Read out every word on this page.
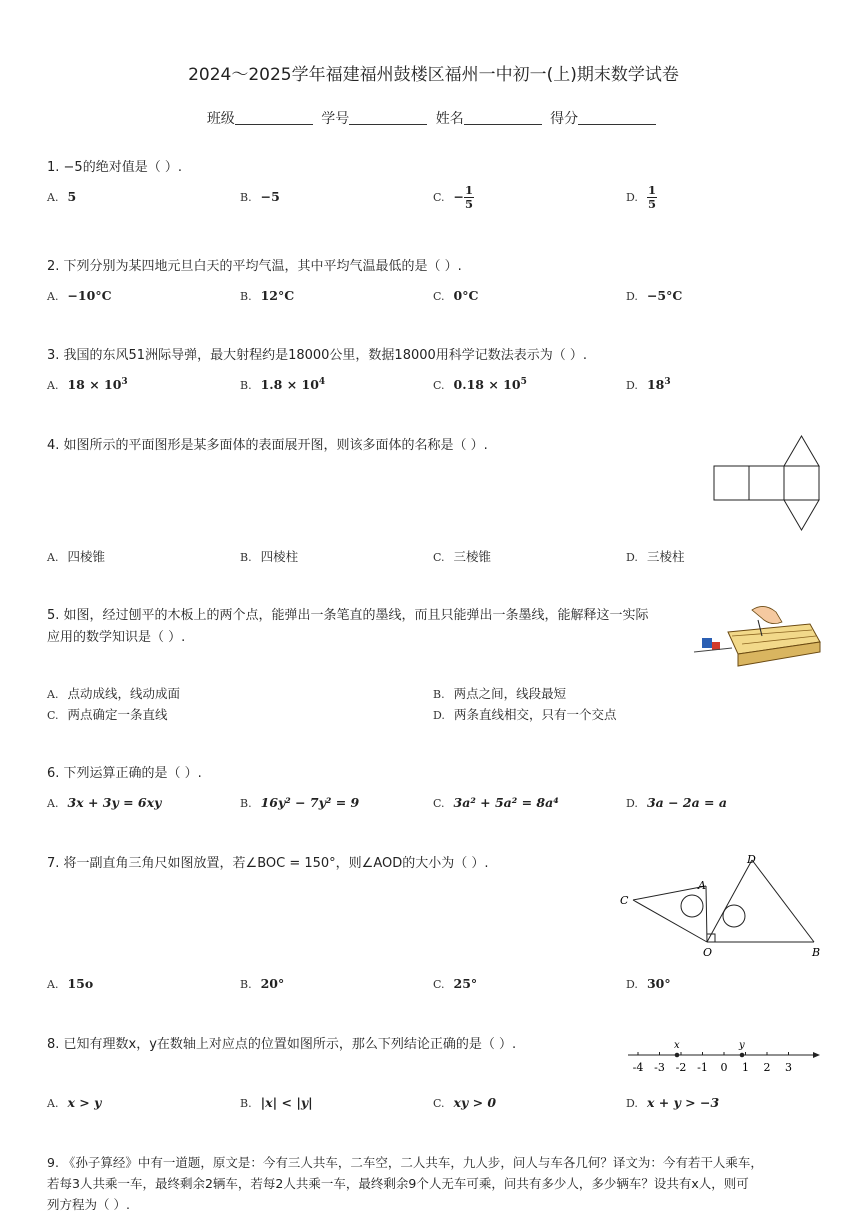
2024～2025学年福建福州鼓楼区福州一中初一(上)期末数学试卷
班级	学号	姓名	得分
1. −5的绝对值是（ ）.
A. 5	B. −5	C. − $\frac{1}{5}$	D. $\frac{1}{5}$
2. 下列分别为某四地元旦白天的平均气温，其中平均气温最低的是（ ）.
A. −10°C	B. 12°C	C. 0°C	D. −5°C
3. 我国的东风51洲际导弹，最大射程约是18000公里，数据18000用科学记数法表示为（ ）.
A. $18 \times 10^3$	B. $1.8 \times 10^4$	C. $0.18 \times 10^5$	D. $18^3$
4. 如图所示的平面图形是某多面体的表面展开图，则该多面体的名称是（ ）.
A. 四棱锥	B. 四棱柱	C. 三棱锥	D. 三棱柱
5. 如图，经过刨平的木板上的两个点，能弹出一条笔直的墨线，而且只能弹出一条墨线，能解释这一实际
应用的数学知识是（ ）.
A. 点动成线，线动成面	B. 两点之间，线段最短
C. 两点确定一条直线	D. 两条直线相交，只有一个交点
6. 下列运算正确的是（ ）.
A. 3x + 3y = 6xy	B. 16y² − 7y² = 9	C. 3a² + 5a² = 8a⁴	D. 3a − 2a = a
7. 将一副直角三角尺如图放置，若∠BOC = 150°，则∠AOD的大小为（ ）.	D
C
A
O	B
A. 15o	B. 20°	C. 25°	D. 30°
8. 已知有理数x，y在数轴上对应点的位置如图所示，那么下列结论正确的是（ ）.
-4 -3 -2 -1 0 1 2 3
x	y
A. x > y	B. |x| < |y|	C. xy > 0	D. x + y > −3
9. 《孙子算经》中有一道题，原文是：今有三人共车，二车空，二人共车，九人步，问人与车各几何？译文为：今有若干人乘车，
若每3人共乘一车，最终剩余2辆车，若每2人共乘一车，最终剩余9个人无车可乘，问共有多少人，多少辆车？设共有x人，则可
列方程为（ ）.
